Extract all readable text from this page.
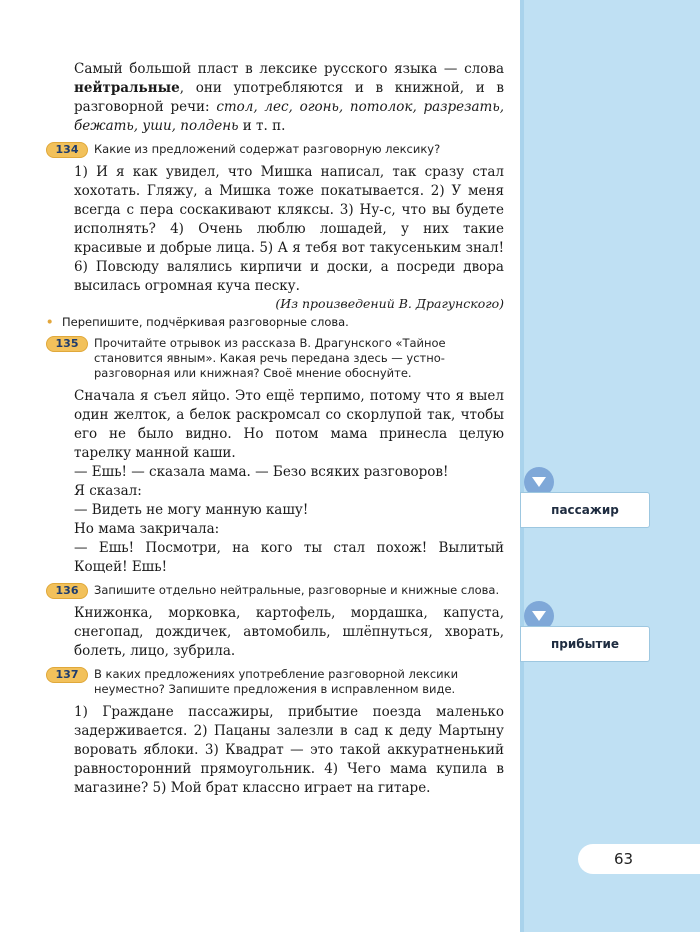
Самый большой пласт в лексике русского языка — слова нейтральные, они употребляются и в книжной, и в разговорной речи: стол, лес, огонь, потолок, разрезать, бежать, уши, полдень и т. п.

134	Какие из предложений содержат разговорную лексику?

1) И я как увидел, что Мишка написал, так сразу стал хохотать. Гляжу, а Мишка тоже покатывается. 2) У меня всегда с пера соскакивают кляксы. 3) Ну-с, что вы будете исполнять? 4) Очень люблю лошадей, у них такие красивые и добрые лица. 5) А я тебя вот такусеньким знал! 6) Повсюду валялись кирпичи и доски, а посреди двора высилась огромная куча песку.

(Из произведений В. Драгунского)

• Перепишите, подчёркивая разговорные слова.
135	Прочитайте отрывок из рассказа В. Драгунского «Тайное становится явным». Какая речь передана здесь — устно-разговорная или книжная? Своё мнение обоснуйте.

Сначала я съел яйцо. Это ещё терпимо, потому что я выел один желток, а белок раскромсал со скорлупой так, чтобы его не было видно. Но потом мама принесла целую тарелку манной каши.

— Ешь! — сказала мама. — Безо всяких разговоров!

Я сказал:

— Видеть не могу манную кашу!

Но мама закричала:

— Ешь! Посмотри, на кого ты стал похож! Вылитый Кощей! Ешь!

136	Запишите отдельно нейтральные, разговорные и книжные слова.

Книжонка, морковка, картофель, мордашка, капуста, снегопад, дождичек, автомобиль, шлёпнуться, хворать, болеть, лицо, зубрила.

137	В каких предложениях употребление разговорной лексики неуместно? Запишите предложения в исправленном виде.

1) Граждане пассажиры, прибытие поезда маленько задерживается. 2) Пацаны залезли в сад к деду Мартыну воровать яблоки. 3) Квадрат — это такой аккуратненький равносторонний прямоугольник. 4) Чего мама купила в магазине? 5) Мой брат классно играет на гитаре.

пассажир
прибытие
63
